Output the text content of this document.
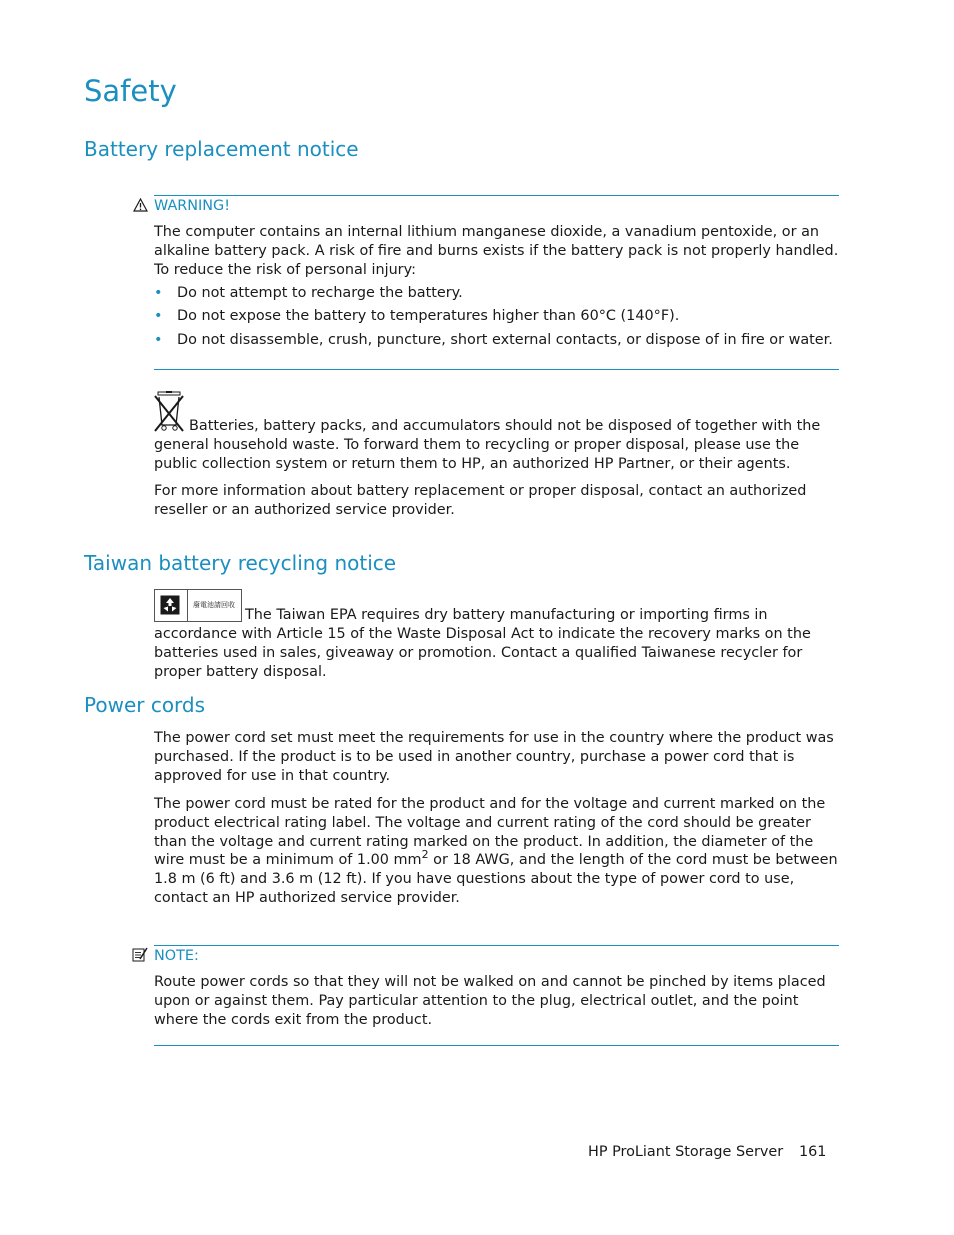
Safety
Battery replacement notice
WARNING!

The computer contains an internal lithium manganese dioxide, a vanadium pentoxide, or an alkaline battery pack. A risk of fire and burns exists if the battery pack is not properly handled. To reduce the risk of personal injury:

• Do not attempt to recharge the battery.
• Do not expose the battery to temperatures higher than 60°C (140°F).
• Do not disassemble, crush, puncture, short external contacts, or dispose of in fire or water.

Batteries, battery packs, and accumulators should not be disposed of together with the general household waste. To forward them to recycling or proper disposal, please use the public collection system or return them to HP, an authorized HP Partner, or their agents.

For more information about battery replacement or proper disposal, contact an authorized reseller or an authorized service provider.

Taiwan battery recycling notice
廢電池請回收

The Taiwan EPA requires dry battery manufacturing or importing firms in accordance with Article 15 of the Waste Disposal Act to indicate the recovery marks on the batteries used in sales, giveaway or promotion. Contact a qualified Taiwanese recycler for proper battery disposal.

Power cords

The power cord set must meet the requirements for use in the country where the product was purchased. If the product is to be used in another country, purchase a power cord that is approved for use in that country.

The power cord must be rated for the product and for the voltage and current marked on the product electrical rating label. The voltage and current rating of the cord should be greater than the voltage and current rating marked on the product. In addition, the diameter of the wire must be a minimum of 1.00 $mm^2$ or 18 AWG, and the length of the cord must be between 1.8 m (6 ft) and 3.6 m (12 ft). If you have questions about the type of power cord to use, contact an HP authorized service provider.

NOTE:

Route power cords so that they will not be walked on and cannot be pinched by items placed upon or against them. Pay particular attention to the plug, electrical outlet, and the point where the cords exit from the product.

HP ProLiant Storage Server 161
